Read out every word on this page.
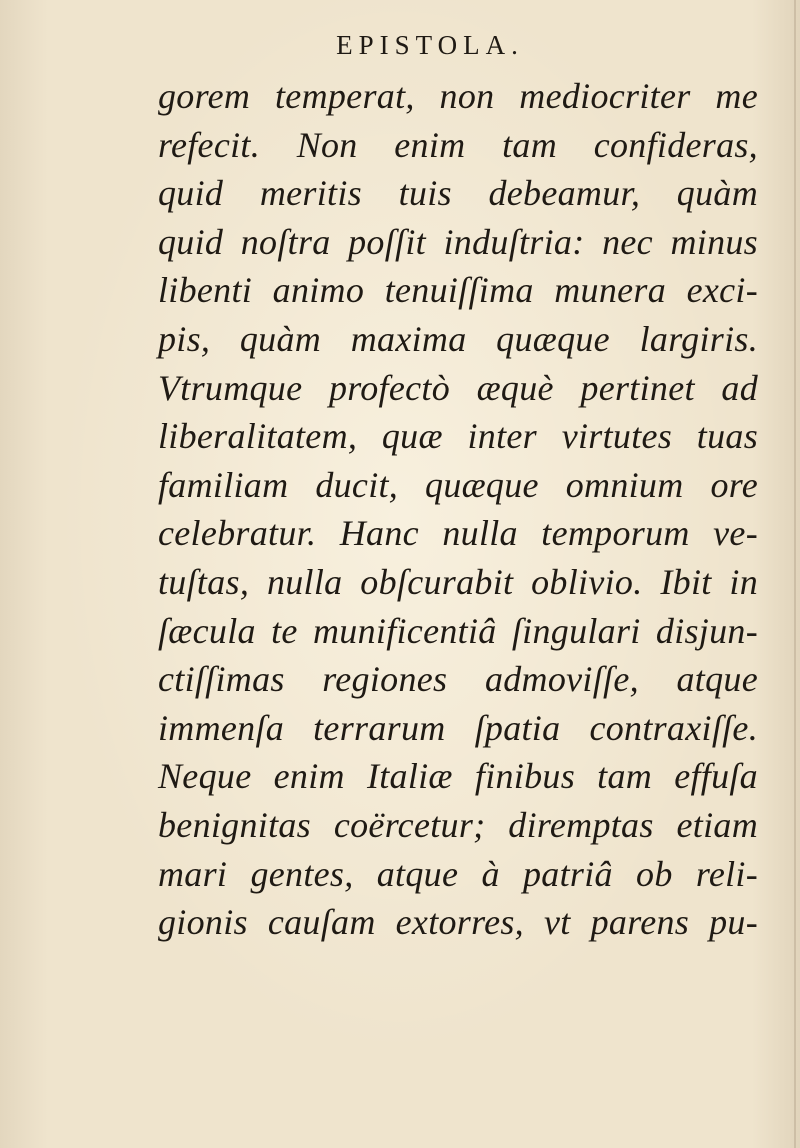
EPISTOLA.
gorem temperat, non mediocriter me
refecit. Non enim tam confideras,
quid meritis tuis debeamur, quàm
quid noſtra poſſit induſtria: nec minus
libenti animo tenuiſſima munera exci-
pis, quàm maxima quæque largiris.
Vtrumque profectò æquè pertinet ad
liberalitatem, quæ inter virtutes tuas
familiam ducit, quæque omnium ore
celebratur. Hanc nulla temporum ve-
tuſtas, nulla obſcurabit oblivio. Ibit in
ſæcula te munificentiâ ſingulari disjun-
ctiſſimas regiones admoviſſe, atque
immenſa terrarum ſpatia contraxiſſe.
Neque enim Italiæ finibus tam effuſa
benignitas coërcetur; diremptas etiam
mari gentes, atque à patriâ ob reli-
gionis cauſam extorres, vt parens pu-
